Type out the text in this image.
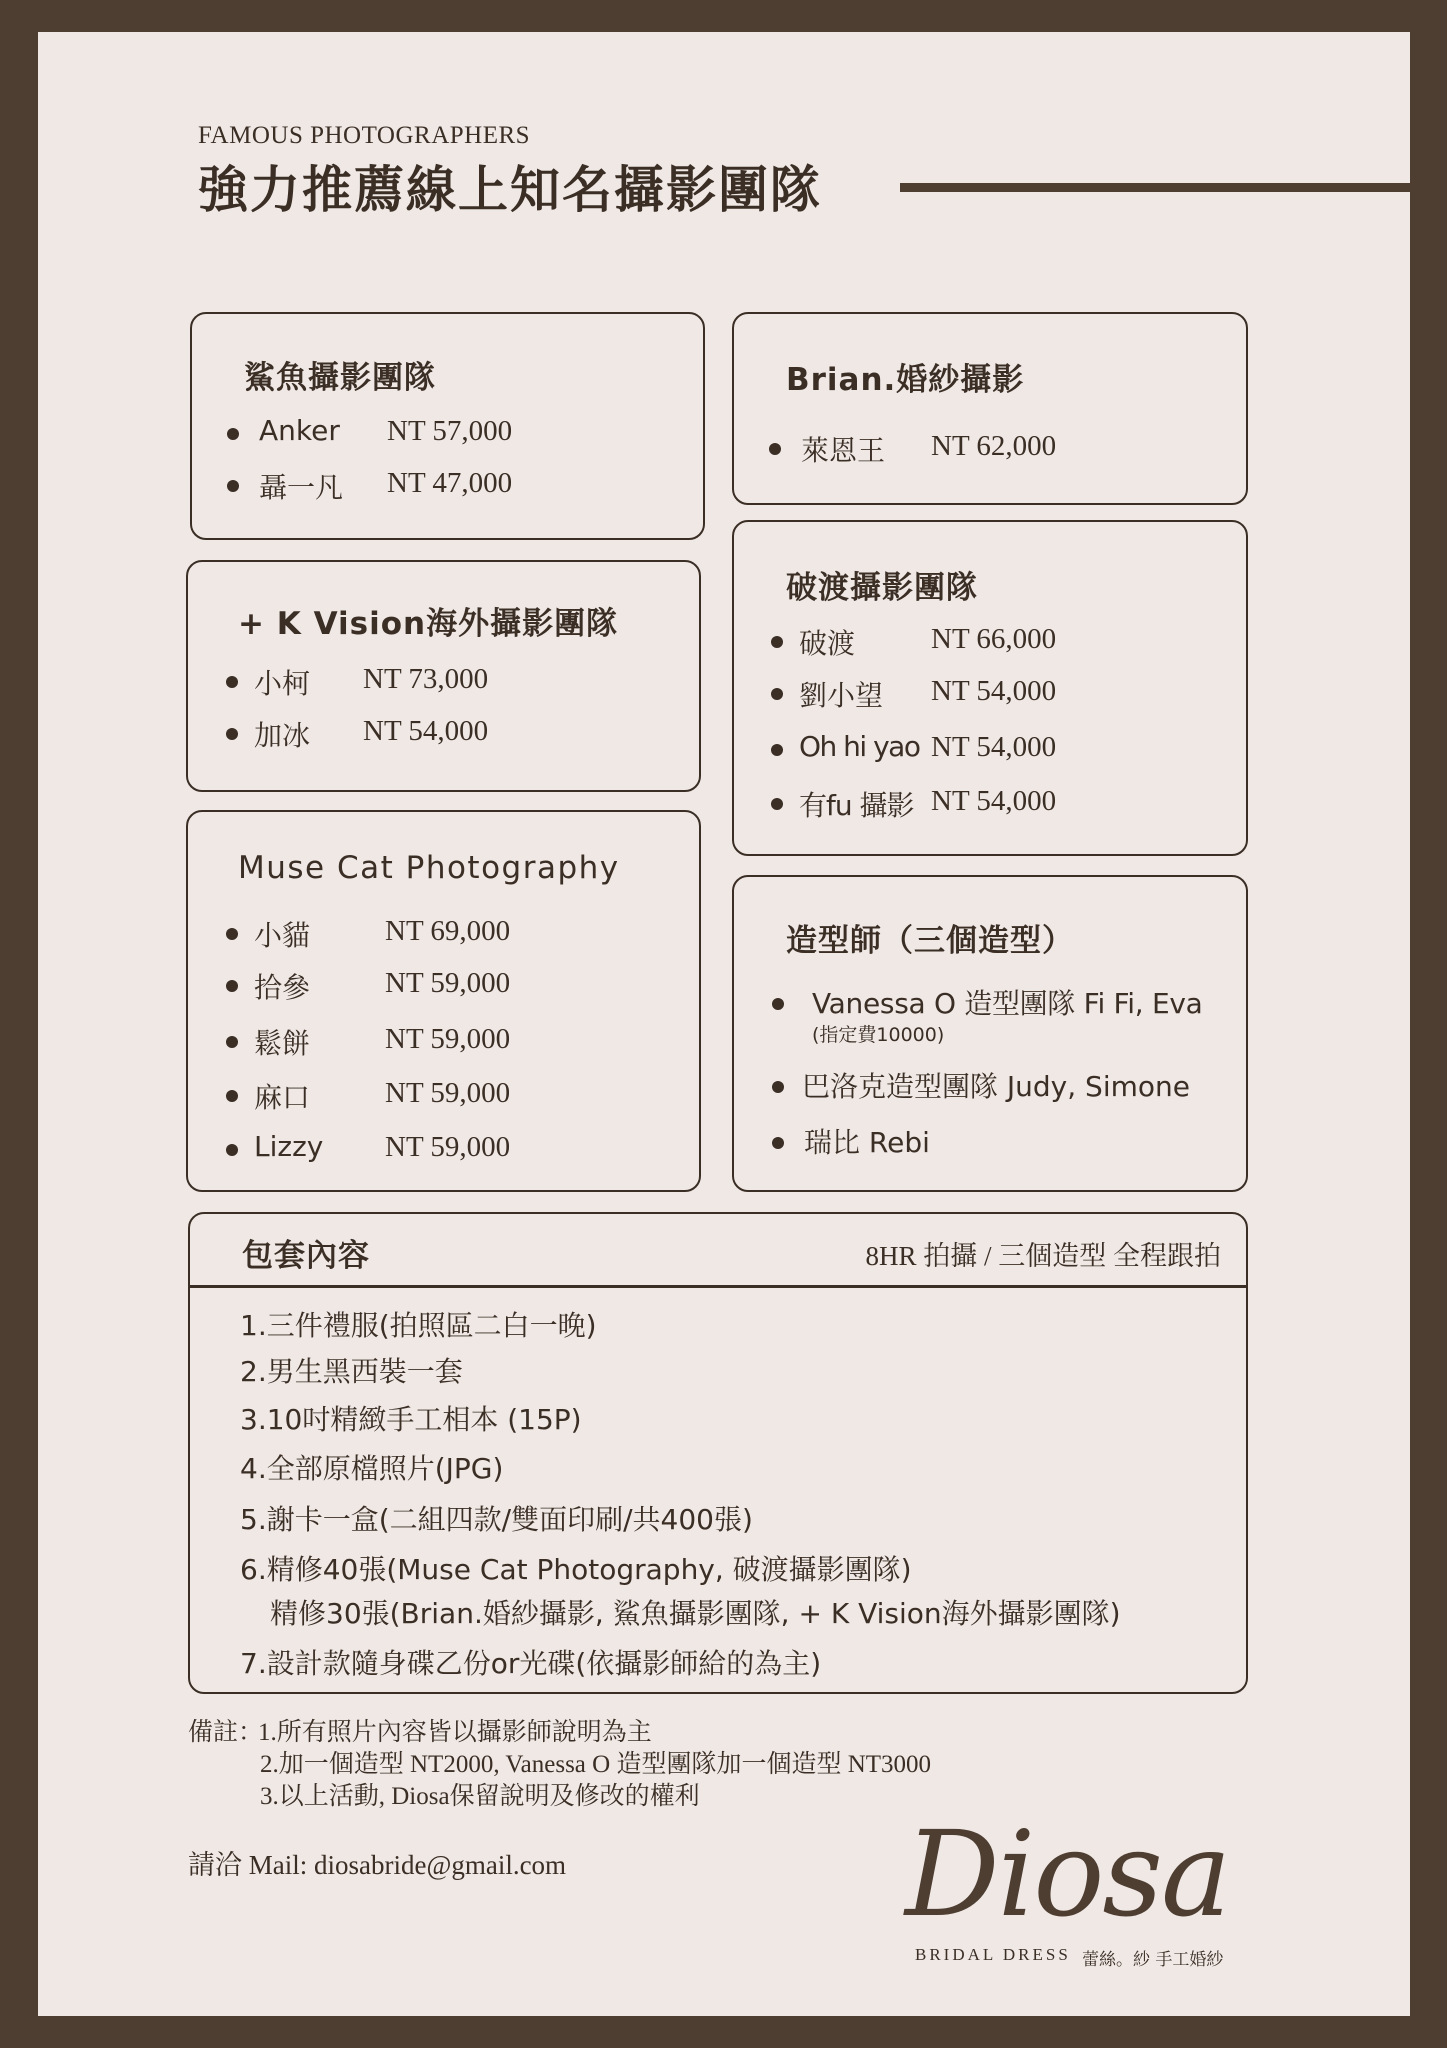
FAMOUS PHOTOGRAPHERS
強力推薦線上知名攝影團隊
鯊魚攝影團隊
Anker NT 57,000
聶一凡 NT 47,000
+ K Vision海外攝影團隊
小柯 NT 73,000
加冰 NT 54,000
Muse Cat Photography
小貓	NT 69,000
拾參	NT 59,000
鬆餅	NT 59,000
麻口	NT 59,000
Lizzy NT 59,000
Brian.婚紗攝影
萊恩王 NT 62,000
破渡攝影團隊
破渡	NT 66,000
劉小望 NT 54,000
Oh hi yao NT 54,000
有fu 攝影 NT 54,000
造型師（三個造型）
Vanessa O 造型團隊 Fi Fi, Eva
(指定費10000)
巴洛克造型團隊 Judy, Simone
瑞比 Rebi
包套內容	8HR 拍攝 / 三個造型 全程跟拍
1.三件禮服(拍照區二白一晚)
2.男生黑西裝一套
3.10吋精緻手工相本 (15P)
4.全部原檔照片(JPG)
5.謝卡一盒(二組四款/雙面印刷/共400張)
6.精修40張(Muse Cat Photography, 破渡攝影團隊)
精修30張(Brian.婚紗攝影, 鯊魚攝影團隊, + K Vision海外攝影團隊)
7.設計款隨身碟乙份or光碟(依攝影師給的為主)
備註：
1.所有照片內容皆以攝影師說明為主
2.加一個造型 NT2000, Vanessa O 造型團隊加一個造型 NT3000
3.以上活動, Diosa保留說明及修改的權利
請洽 Mail: diosabride@gmail.com	Diosa
BRIDAL DRESS 蕾絲。紗 手工婚紗
